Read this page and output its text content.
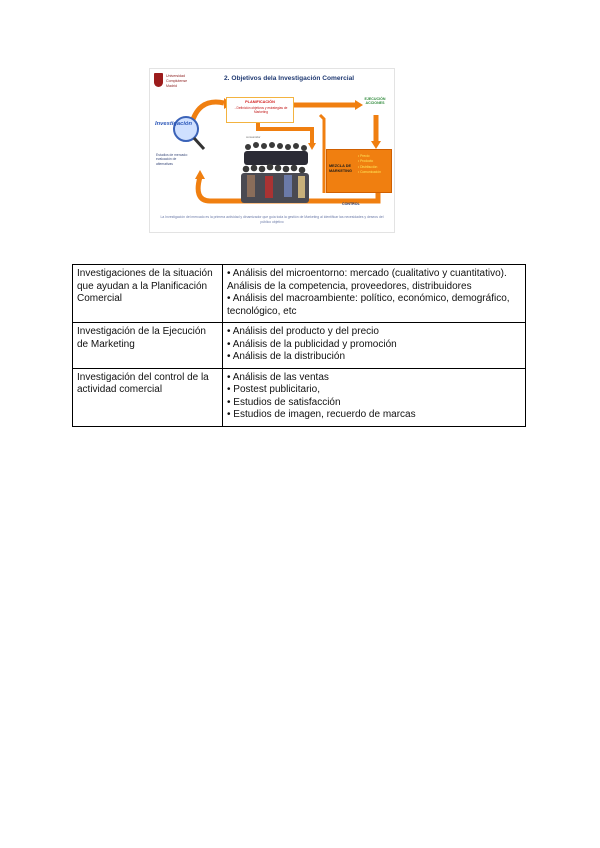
Universidad
Complutense
Madrid
2. Objetivos dela Investigación Comercial
PLANIFICACIÓN
- Definición objetivos y estrategias de Marketing
EJECUCIÓN
ACCIONES
Investigación
Estudios de mercado: evaluación de alternativas
consumidor
MEZCLA DE MARKETING
• Precio
• Producto
• Distribución
• Comunicación
CONTROL
La Investigación del mercado es la primera actividad y dinamizador que guía toda la gestión de Marketing al identificar las necesidades y deseos del público objetivo
Investigaciones de la situación que ayudan a la Planificación Comercial	• Análisis del microentorno: mercado (cualitativo y cuantitativo). Análisis de la competencia, proveedores, distribuidores
• Análisis del macroambiente: político, económico, demográfico, tecnológico, etc

Investigación de la Ejecución de Marketing	• Análisis del producto y del precio
• Análisis de la publicidad y promoción
• Análisis de la distribución

Investigación del control de la actividad comercial	• Análisis de las ventas
• Postest publicitario,
• Estudios de satisfacción
• Estudios de imagen, recuerdo de marcas
